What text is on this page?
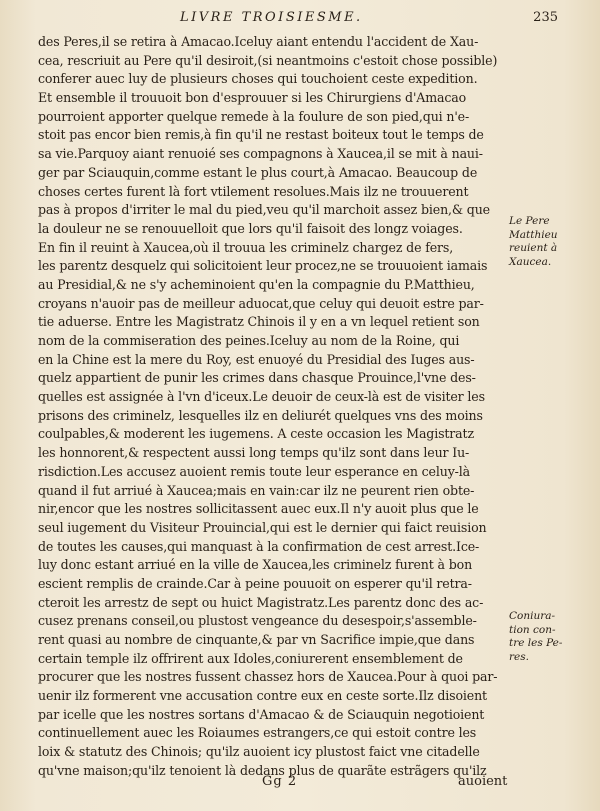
LIVRE TROISIESME.	235
des Peres,il se retira à Amacao.Iceluy aiant entendu l'accident de Xau-
cea, rescriuit au Pere qu'il desiroit,(si neantmoins c'estoit chose possible)
conferer auec luy de plusieurs choses qui touchoient ceste expedition.
Et ensemble il trouuoit bon d'esprouuer si les Chirurgiens d'Amacao
pourroient apporter quelque remede à la foulure de son pied,qui n'e-
stoit pas encor bien remis,à fin qu'il ne restast boiteux tout le temps de
sa vie.Parquoy aiant renuoié ses compagnons à Xaucea,il se mit à naui-
ger par Sciauquin,comme estant le plus court,à Amacao. Beaucoup de
choses certes furent là fort vtilement resolues.Mais ilz ne trouuerent
pas à propos d'irriter le mal du pied,veu qu'il marchoit assez bien,& que
la douleur ne se renouuelloit que lors qu'il faisoit des longz voiages.
En fin il reuint à Xaucea,où il trouua les criminelz chargez de fers,
les parentz desquelz qui solicitoient leur procez,ne se trouuoient iamais
au Presidial,& ne s'y acheminoient qu'en la compagnie du P.Matthieu,
croyans n'auoir pas de meilleur aduocat,que celuy qui deuoit estre par-
tie aduerse. Entre les Magistratz Chinois il y en a vn lequel retient son
nom de la commiseration des peines.Iceluy au nom de la Roine, qui
en la Chine est la mere du Roy, est enuoyé du Presidial des Iuges aus-
quelz appartient de punir les crimes dans chasque Prouince,l'vne des-
quelles est assignée à l'vn d'iceux.Le deuoir de ceux-là est de visiter les
prisons des criminelz, lesquelles ilz en deliurét quelques vns des moins
coulpables,& moderent les iugemens. A ceste occasion les Magistratz
les honnorent,& respectent aussi long temps qu'ilz sont dans leur Iu-
risdiction.Les accusez auoient remis toute leur esperance en celuy-là
quand il fut arriué à Xaucea;mais en vain:car ilz ne peurent rien obte-
nir,encor que les nostres sollicitassent auec eux.Il n'y auoit plus que le
seul iugement du Visiteur Prouincial,qui est le dernier qui faict reuision
de toutes les causes,qui manquast à la confirmation de cest arrest.Ice-
luy donc estant arriué en la ville de Xaucea,les criminelz furent à bon
escient remplis de crainde.Car à peine pouuoit on esperer qu'il retra-
cteroit les arrestz de sept ou huict Magistratz.Les parentz donc des ac-
cusez prenans conseil,ou plustost vengeance du desespoir,s'assemble-
rent quasi au nombre de cinquante,& par vn Sacrifice impie,que dans
certain temple ilz offrirent aux Idoles,coniurerent ensemblement de
procurer que les nostres fussent chassez hors de Xaucea.Pour à quoi par-
uenir ilz formerent vne accusation contre eux en ceste sorte.Ilz disoient
par icelle que les nostres sortans d'Amacao & de Sciauquin negotioient
continuellement auec les Roiaumes estrangers,ce qui estoit contre les
loix & statutz des Chinois; qu'ilz auoient icy plustost faict vne citadelle
qu'vne maison;qu'ilz tenoient là dedans plus de quarãte estrãgers qu'ilz
Le Pere
Matthieu
reuient à
Xaucea.
Coniura-
tion con-
tre les Pe-
res.
Gg 2	auoient
